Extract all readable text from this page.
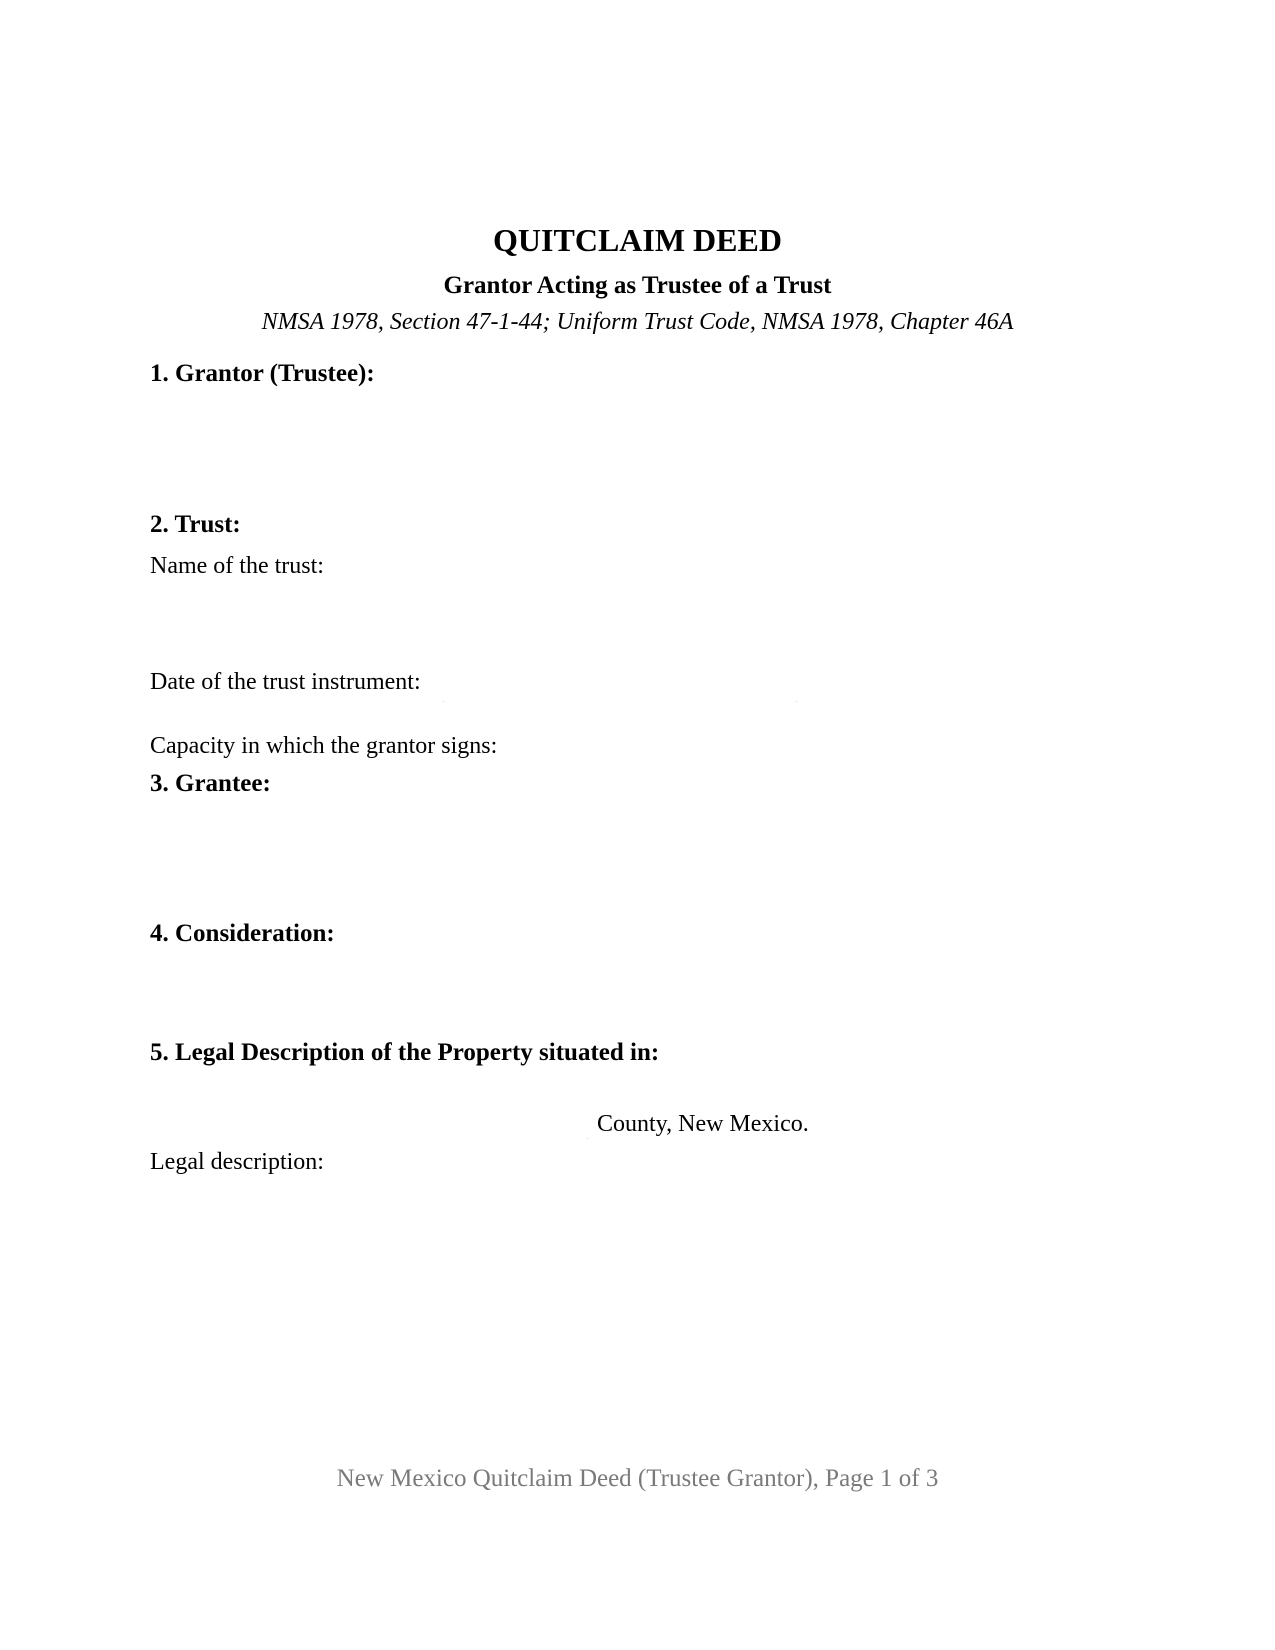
QUITCLAIM DEED
Grantor Acting as Trustee of a Trust
NMSA 1978, Section 47-1-44; Uniform Trust Code, NMSA 1978, Chapter 46A
1. Grantor (Trustee):
2. Trust:
Name of the trust:
Date of the trust instrument:
Capacity in which the grantor signs:
3. Grantee:
4. Consideration:
5. Legal Description of the Property situated in:
County, New Mexico.
Legal description:
New Mexico Quitclaim Deed (Trustee Grantor), Page 1 of 3
